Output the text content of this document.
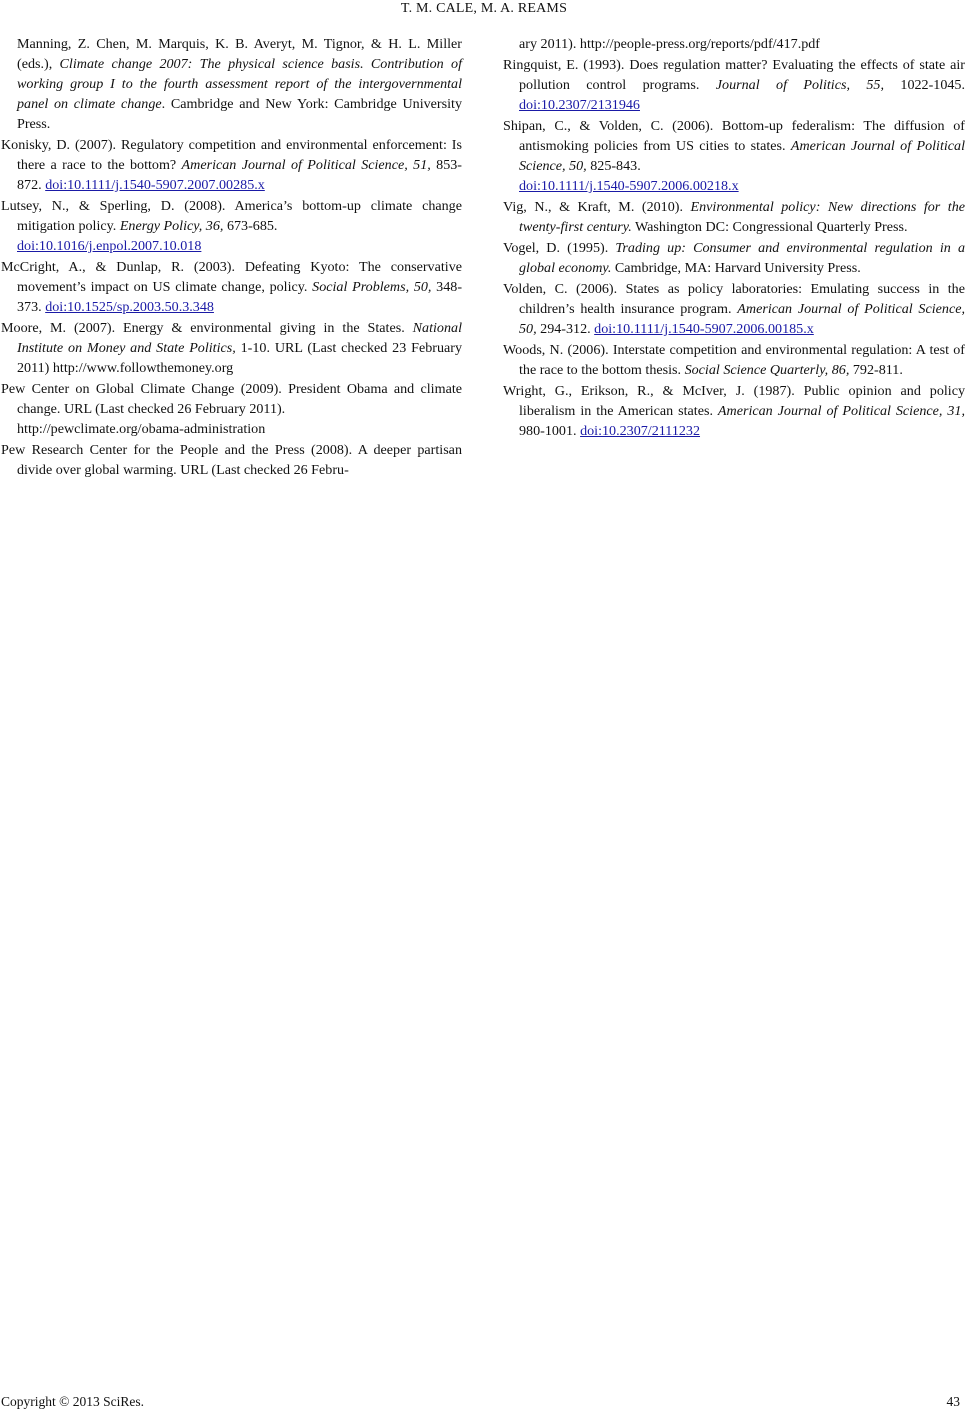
T. M. CALE, M. A. REAMS

Manning, Z. Chen, M. Marquis, K. B. Averyt, M. Tignor, & H. L. Miller (eds.), Climate change 2007: The physical science basis. Contribution of working group I to the fourth assessment report of the intergovernmental panel on climate change. Cambridge and New York: Cambridge University Press.

Konisky, D. (2007). Regulatory competition and environmental enforcement: Is there a race to the bottom? American Journal of Political Science, 51, 853-872. doi:10.1111/j.1540-5907.2007.00285.x

Lutsey, N., & Sperling, D. (2008). America’s bottom-up climate change mitigation policy. Energy Policy, 36, 673-685.
doi:10.1016/j.enpol.2007.10.018

McCright, A., & Dunlap, R. (2003). Defeating Kyoto: The conservative movement’s impact on US climate change, policy. Social Problems, 50, 348-373. doi:10.1525/sp.2003.50.3.348

Moore, M. (2007). Energy & environmental giving in the States. National Institute on Money and State Politics, 1-10. URL (Last checked 23 February 2011) http://www.followthemoney.org

Pew Center on Global Climate Change (2009). President Obama and climate change. URL (Last checked 26 February 2011).
http://pewclimate.org/obama-administration

Pew Research Center for the People and the Press (2008). A deeper partisan divide over global warming. URL (Last checked 26 Febru-

ary 2011). http://people-press.org/reports/pdf/417.pdf

Ringquist, E. (1993). Does regulation matter? Evaluating the effects of state air pollution control programs. Journal of Politics, 55, 1022-1045. doi:10.2307/2131946

Shipan, C., & Volden, C. (2006). Bottom-up federalism: The diffusion of antismoking policies from US cities to states. American Journal of Political Science, 50, 825-843.
doi:10.1111/j.1540-5907.2006.00218.x

Vig, N., & Kraft, M. (2010). Environmental policy: New directions for the twenty-first century. Washington DC: Congressional Quarterly Press.

Vogel, D. (1995). Trading up: Consumer and environmental regulation in a global economy. Cambridge, MA: Harvard University Press.

Volden, C. (2006). States as policy laboratories: Emulating success in the children’s health insurance program. American Journal of Political Science, 50, 294-312. doi:10.1111/j.1540-5907.2006.00185.x

Woods, N. (2006). Interstate competition and environmental regulation: A test of the race to the bottom thesis. Social Science Quarterly, 86, 792-811.

Wright, G., Erikson, R., & McIver, J. (1987). Public opinion and policy liberalism in the American states. American Journal of Political Science, 31, 980-1001. doi:10.2307/2111232

Copyright © 2013 SciRes.	43
